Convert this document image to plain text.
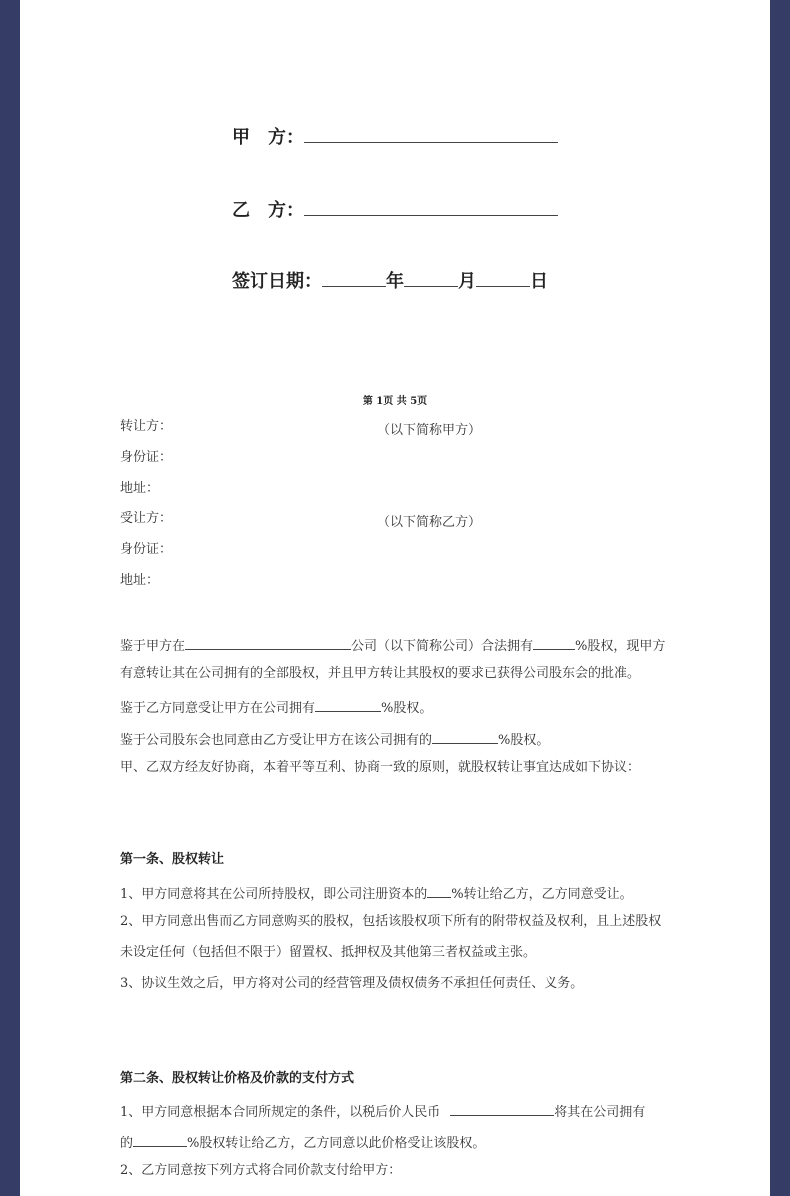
甲　方：
乙　方：
签订日期：	年	月	日
第 1页 共 5页
转让方：	（以下简称甲方）
身份证：
地址：
受让方：	（以下简称乙方）
身份证：
地址：
鉴于甲方在	公司（以下简称公司）合法拥有	%股权，现甲方
有意转让其在公司拥有的全部股权，并且甲方转让其股权的要求已获得公司股东会的批准。
鉴于乙方同意受让甲方在公司拥有	%股权。
鉴于公司股东会也同意由乙方受让甲方在该公司拥有的	%股权。
甲、乙双方经友好协商，本着平等互利、协商一致的原则，就股权转让事宜达成如下协议：
第一条、股权转让
1、甲方同意将其在公司所持股权，即公司注册资本的 %转让给乙方，乙方同意受让。
2、甲方同意出售而乙方同意购买的股权，包括该股权项下所有的附带权益及权利，且上述股权
未设定任何（包括但不限于）留置权、抵押权及其他第三者权益或主张。
3、协议生效之后，甲方将对公司的经营管理及债权债务不承担任何责任、义务。
第二条、股权转让价格及价款的支付方式
1、甲方同意根据本合同所规定的条件，以税后价人民币	将其在公司拥有
的	%股权转让给乙方，乙方同意以此价格受让该股权。
2、乙方同意按下列方式将合同价款支付给甲方：
